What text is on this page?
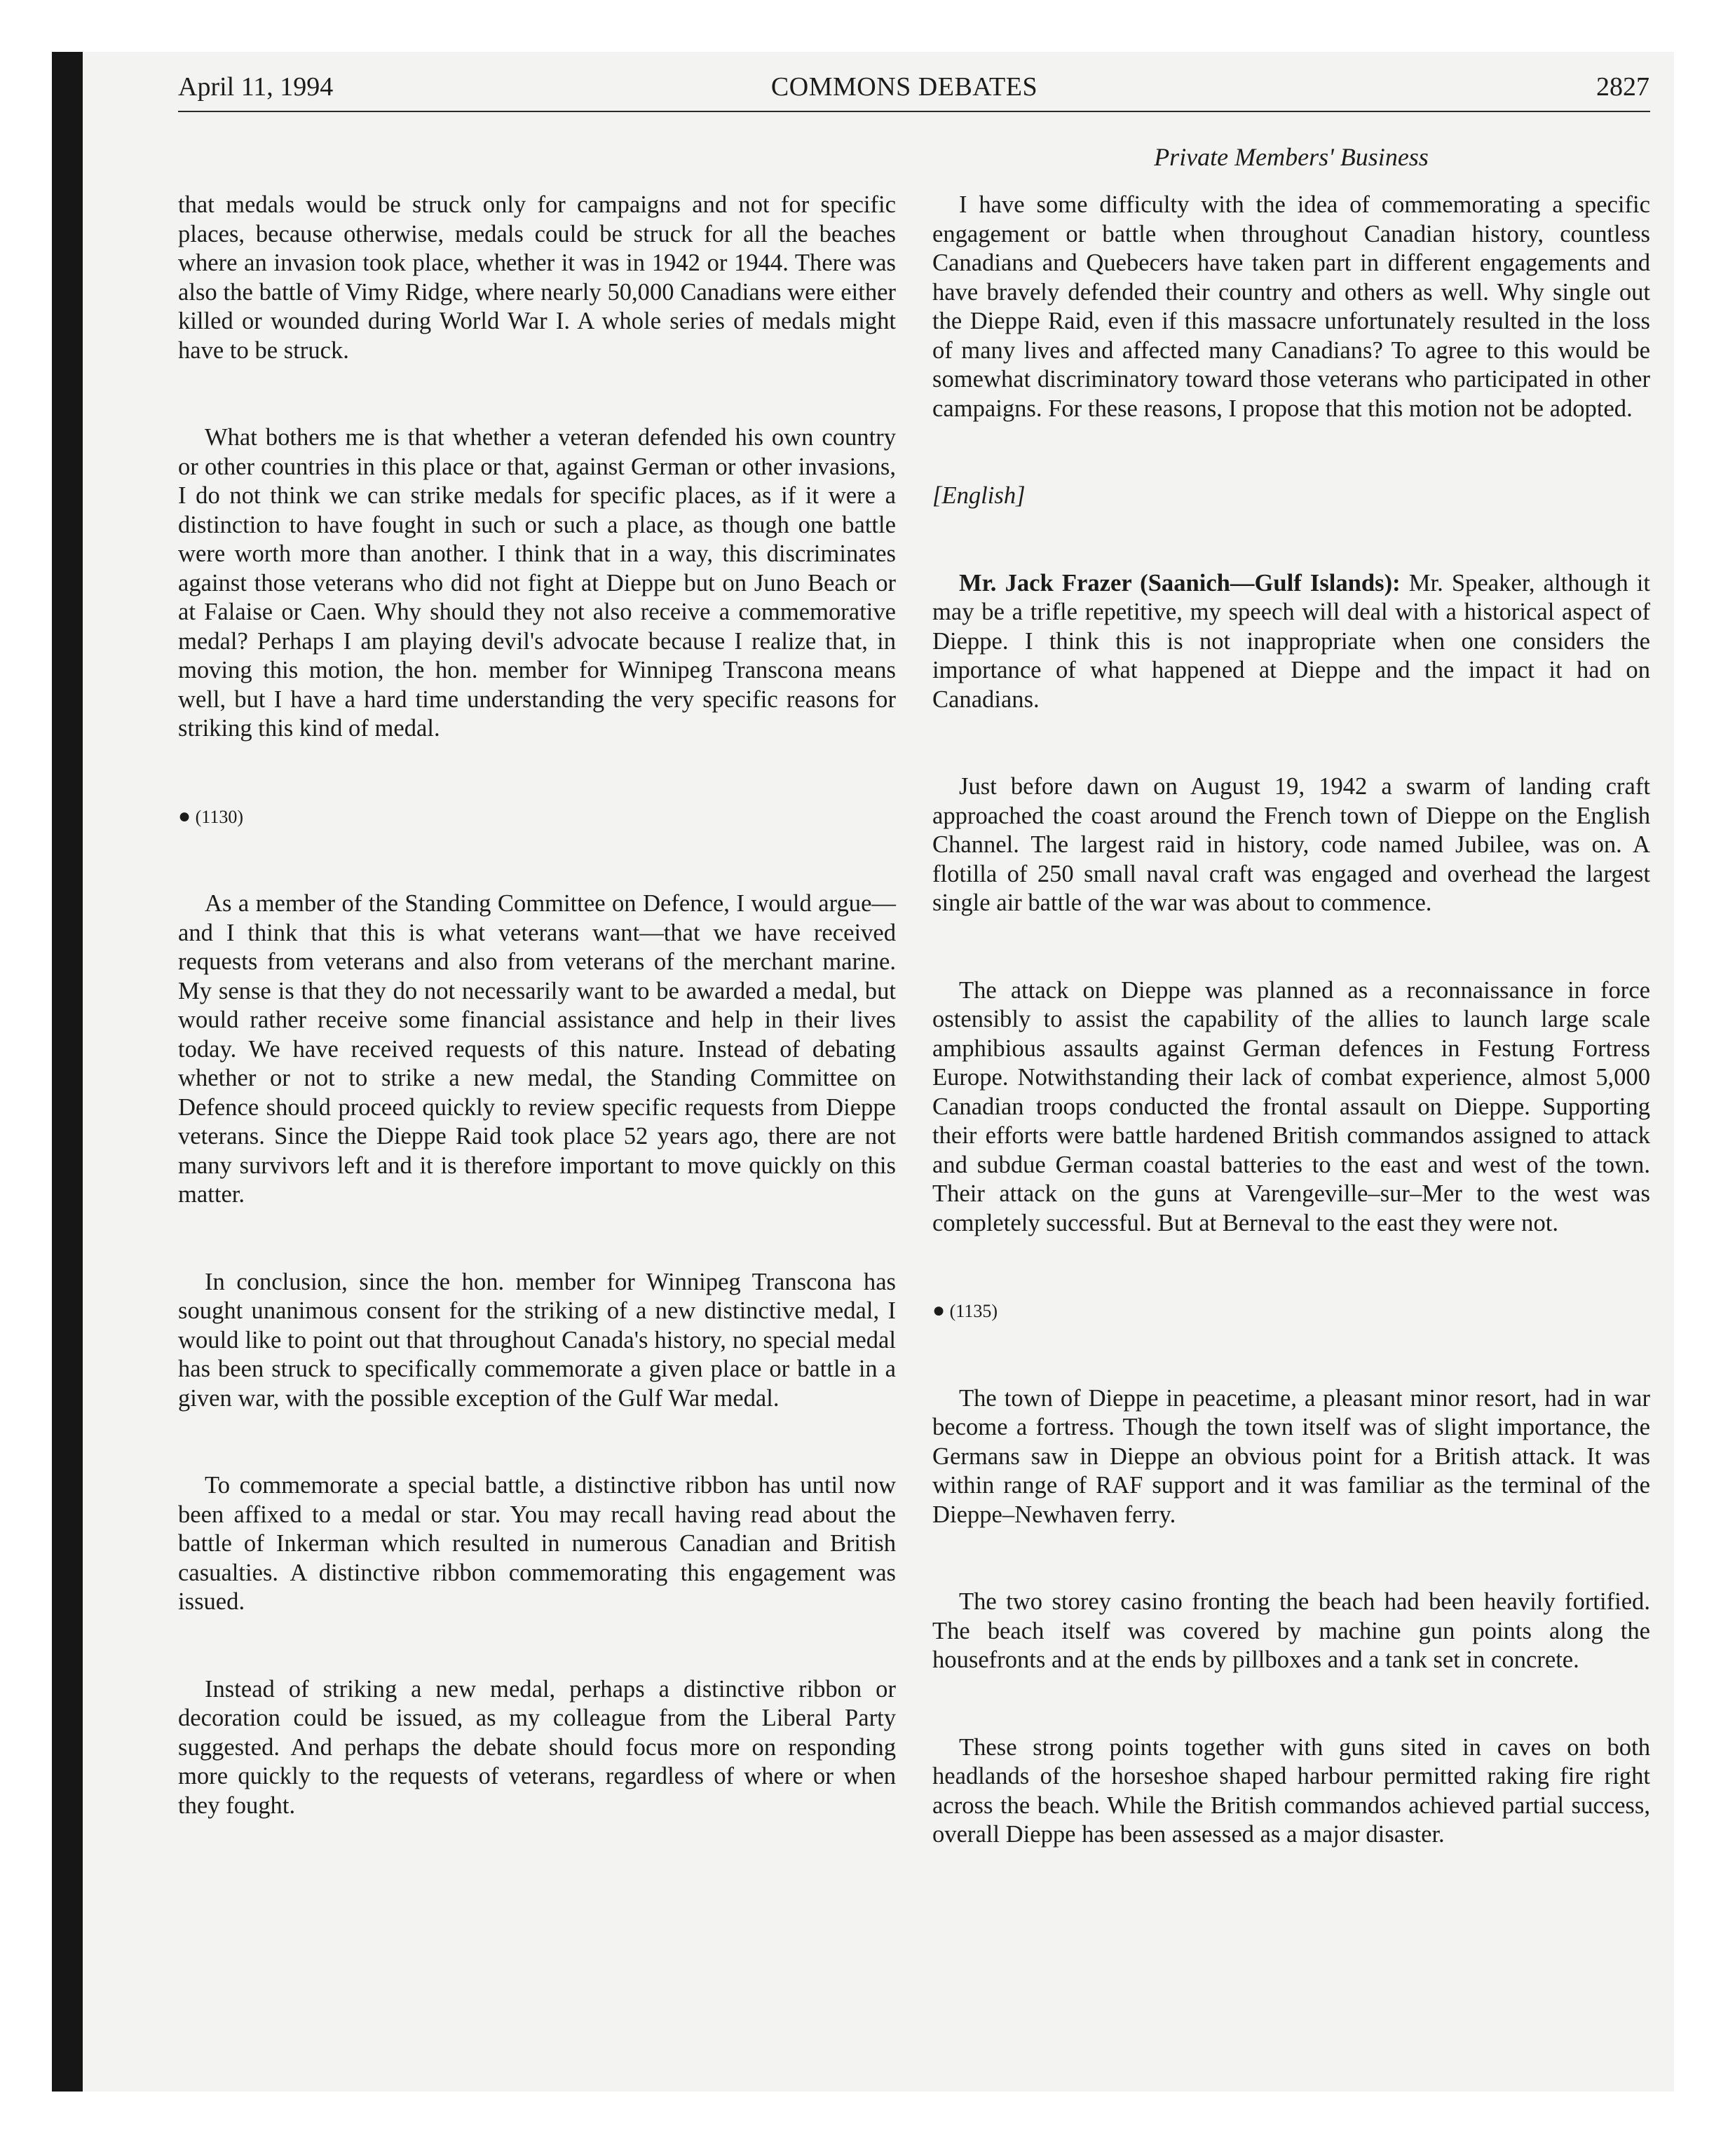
April 11, 1994	COMMONS DEBATES	2827
Private Members' Business

that medals would be struck only for campaigns and not for specific places, because otherwise, medals could be struck for all the beaches where an invasion took place, whether it was in 1942 or 1944. There was also the battle of Vimy Ridge, where nearly 50,000 Canadians were either killed or wounded during World War I. A whole series of medals might have to be struck.

What bothers me is that whether a veteran defended his own country or other countries in this place or that, against German or other invasions, I do not think we can strike medals for specific places, as if it were a distinction to have fought in such or such a place, as though one battle were worth more than another. I think that in a way, this discriminates against those veterans who did not fight at Dieppe but on Juno Beach or at Falaise or Caen. Why should they not also receive a commemorative medal? Perhaps I am playing devil's advocate because I realize that, in moving this motion, the hon. member for Winnipeg Transcona means well, but I have a hard time understanding the very specific reasons for striking this kind of medal.

● (1130)

As a member of the Standing Committee on Defence, I would argue—and I think that this is what veterans want—that we have received requests from veterans and also from veterans of the merchant marine. My sense is that they do not necessarily want to be awarded a medal, but would rather receive some financial assistance and help in their lives today. We have received requests of this nature. Instead of debating whether or not to strike a new medal, the Standing Committee on Defence should proceed quickly to review specific requests from Dieppe veterans. Since the Dieppe Raid took place 52 years ago, there are not many survivors left and it is therefore important to move quickly on this matter.

In conclusion, since the hon. member for Winnipeg Transcona has sought unanimous consent for the striking of a new distinctive medal, I would like to point out that throughout Canada's history, no special medal has been struck to specifically commemorate a given place or battle in a given war, with the possible exception of the Gulf War medal.

To commemorate a special battle, a distinctive ribbon has until now been affixed to a medal or star. You may recall having read about the battle of Inkerman which resulted in numerous Canadian and British casualties. A distinctive ribbon commemorating this engagement was issued.

Instead of striking a new medal, perhaps a distinctive ribbon or decoration could be issued, as my colleague from the Liberal Party suggested. And perhaps the debate should focus more on responding more quickly to the requests of veterans, regardless of where or when they fought.

I have some difficulty with the idea of commemorating a specific engagement or battle when throughout Canadian history, countless Canadians and Quebecers have taken part in different engagements and have bravely defended their country and others as well. Why single out the Dieppe Raid, even if this massacre unfortunately resulted in the loss of many lives and affected many Canadians? To agree to this would be somewhat discriminatory toward those veterans who participated in other campaigns. For these reasons, I propose that this motion not be adopted.

[English]

Mr. Jack Frazer (Saanich—Gulf Islands): Mr. Speaker, although it may be a trifle repetitive, my speech will deal with a historical aspect of Dieppe. I think this is not inappropriate when one considers the importance of what happened at Dieppe and the impact it had on Canadians.

Just before dawn on August 19, 1942 a swarm of landing craft approached the coast around the French town of Dieppe on the English Channel. The largest raid in history, code named Jubilee, was on. A flotilla of 250 small naval craft was engaged and overhead the largest single air battle of the war was about to commence.

The attack on Dieppe was planned as a reconnaissance in force ostensibly to assist the capability of the allies to launch large scale amphibious assaults against German defences in Festung Fortress Europe. Notwithstanding their lack of combat experience, almost 5,000 Canadian troops conducted the frontal assault on Dieppe. Supporting their efforts were battle hardened British commandos assigned to attack and subdue German coastal batteries to the east and west of the town. Their attack on the guns at Varengeville–sur–Mer to the west was completely successful. But at Berneval to the east they were not.

● (1135)

The town of Dieppe in peacetime, a pleasant minor resort, had in war become a fortress. Though the town itself was of slight importance, the Germans saw in Dieppe an obvious point for a British attack. It was within range of RAF support and it was familiar as the terminal of the Dieppe–Newhaven ferry.

The two storey casino fronting the beach had been heavily fortified. The beach itself was covered by machine gun points along the housefronts and at the ends by pillboxes and a tank set in concrete.

These strong points together with guns sited in caves on both headlands of the horseshoe shaped harbour permitted raking fire right across the beach. While the British commandos achieved partial success, overall Dieppe has been assessed as a major disaster.
